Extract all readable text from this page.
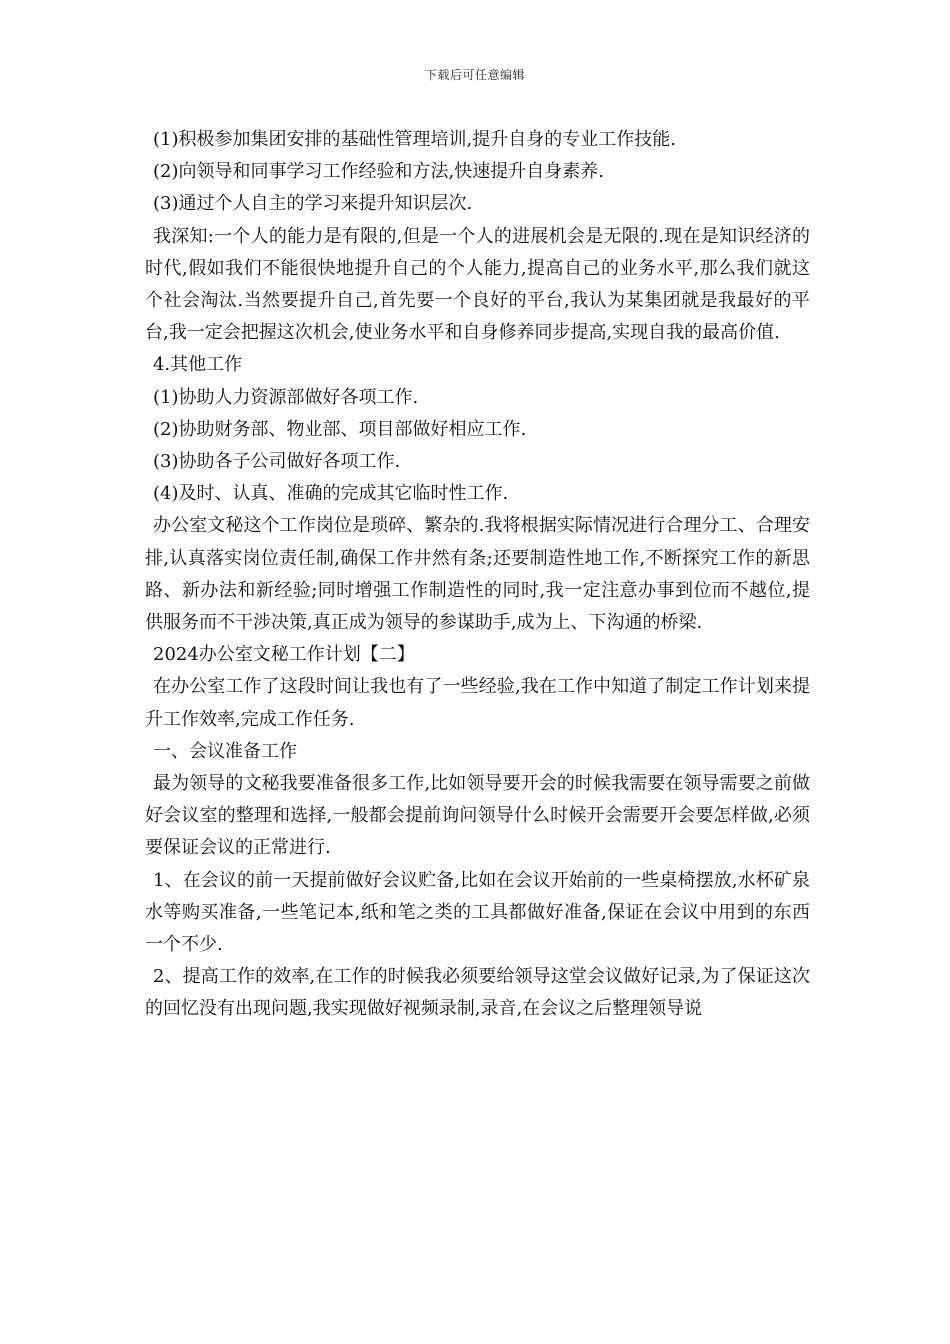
下载后可任意编辑

(1)积极参加集团安排的基础性管理培训,提升自身的专业工作技能.

(2)向领导和同事学习工作经验和方法,快速提升自身素养.

(3)通过个人自主的学习来提升知识层次.

我深知:一个人的能力是有限的,但是一个人的进展机会是无限的.现在是知识经济的时代,假如我们不能很快地提升自己的个人能力,提高自己的业务水平,那么我们就这个社会淘汰.当然要提升自己,首先要一个良好的平台,我认为某集团就是我最好的平台,我一定会把握这次机会,使业务水平和自身修养同步提高,实现自我的最高价值.

4.其他工作

(1)协助人力资源部做好各项工作.

(2)协助财务部、物业部、项目部做好相应工作.

(3)协助各子公司做好各项工作.

(4)及时、认真、准确的完成其它临时性工作.

办公室文秘这个工作岗位是琐碎、繁杂的.我将根据实际情况进行合理分工、合理安排,认真落实岗位责任制,确保工作井然有条;还要制造性地工作,不断探究工作的新思路、新办法和新经验;同时增强工作制造性的同时,我一定注意办事到位而不越位,提供服务而不干涉决策,真正成为领导的参谋助手,成为上、下沟通的桥梁.

2024办公室文秘工作计划【二】

在办公室工作了这段时间让我也有了一些经验,我在工作中知道了制定工作计划来提升工作效率,完成工作任务.

一、会议准备工作

最为领导的文秘我要准备很多工作,比如领导要开会的时候我需要在领导需要之前做好会议室的整理和选择,一般都会提前询问领导什么时候开会需要开会要怎样做,必须要保证会议的正常进行.

1、在会议的前一天提前做好会议贮备,比如在会议开始前的一些桌椅摆放,水杯矿泉水等购买准备,一些笔记本,纸和笔之类的工具都做好准备,保证在会议中用到的东西一个不少.

2、提高工作的效率,在工作的时候我必须要给领导这堂会议做好记录,为了保证这次的回忆没有出现问题,我实现做好视频录制,录音,在会议之后整理领导说
